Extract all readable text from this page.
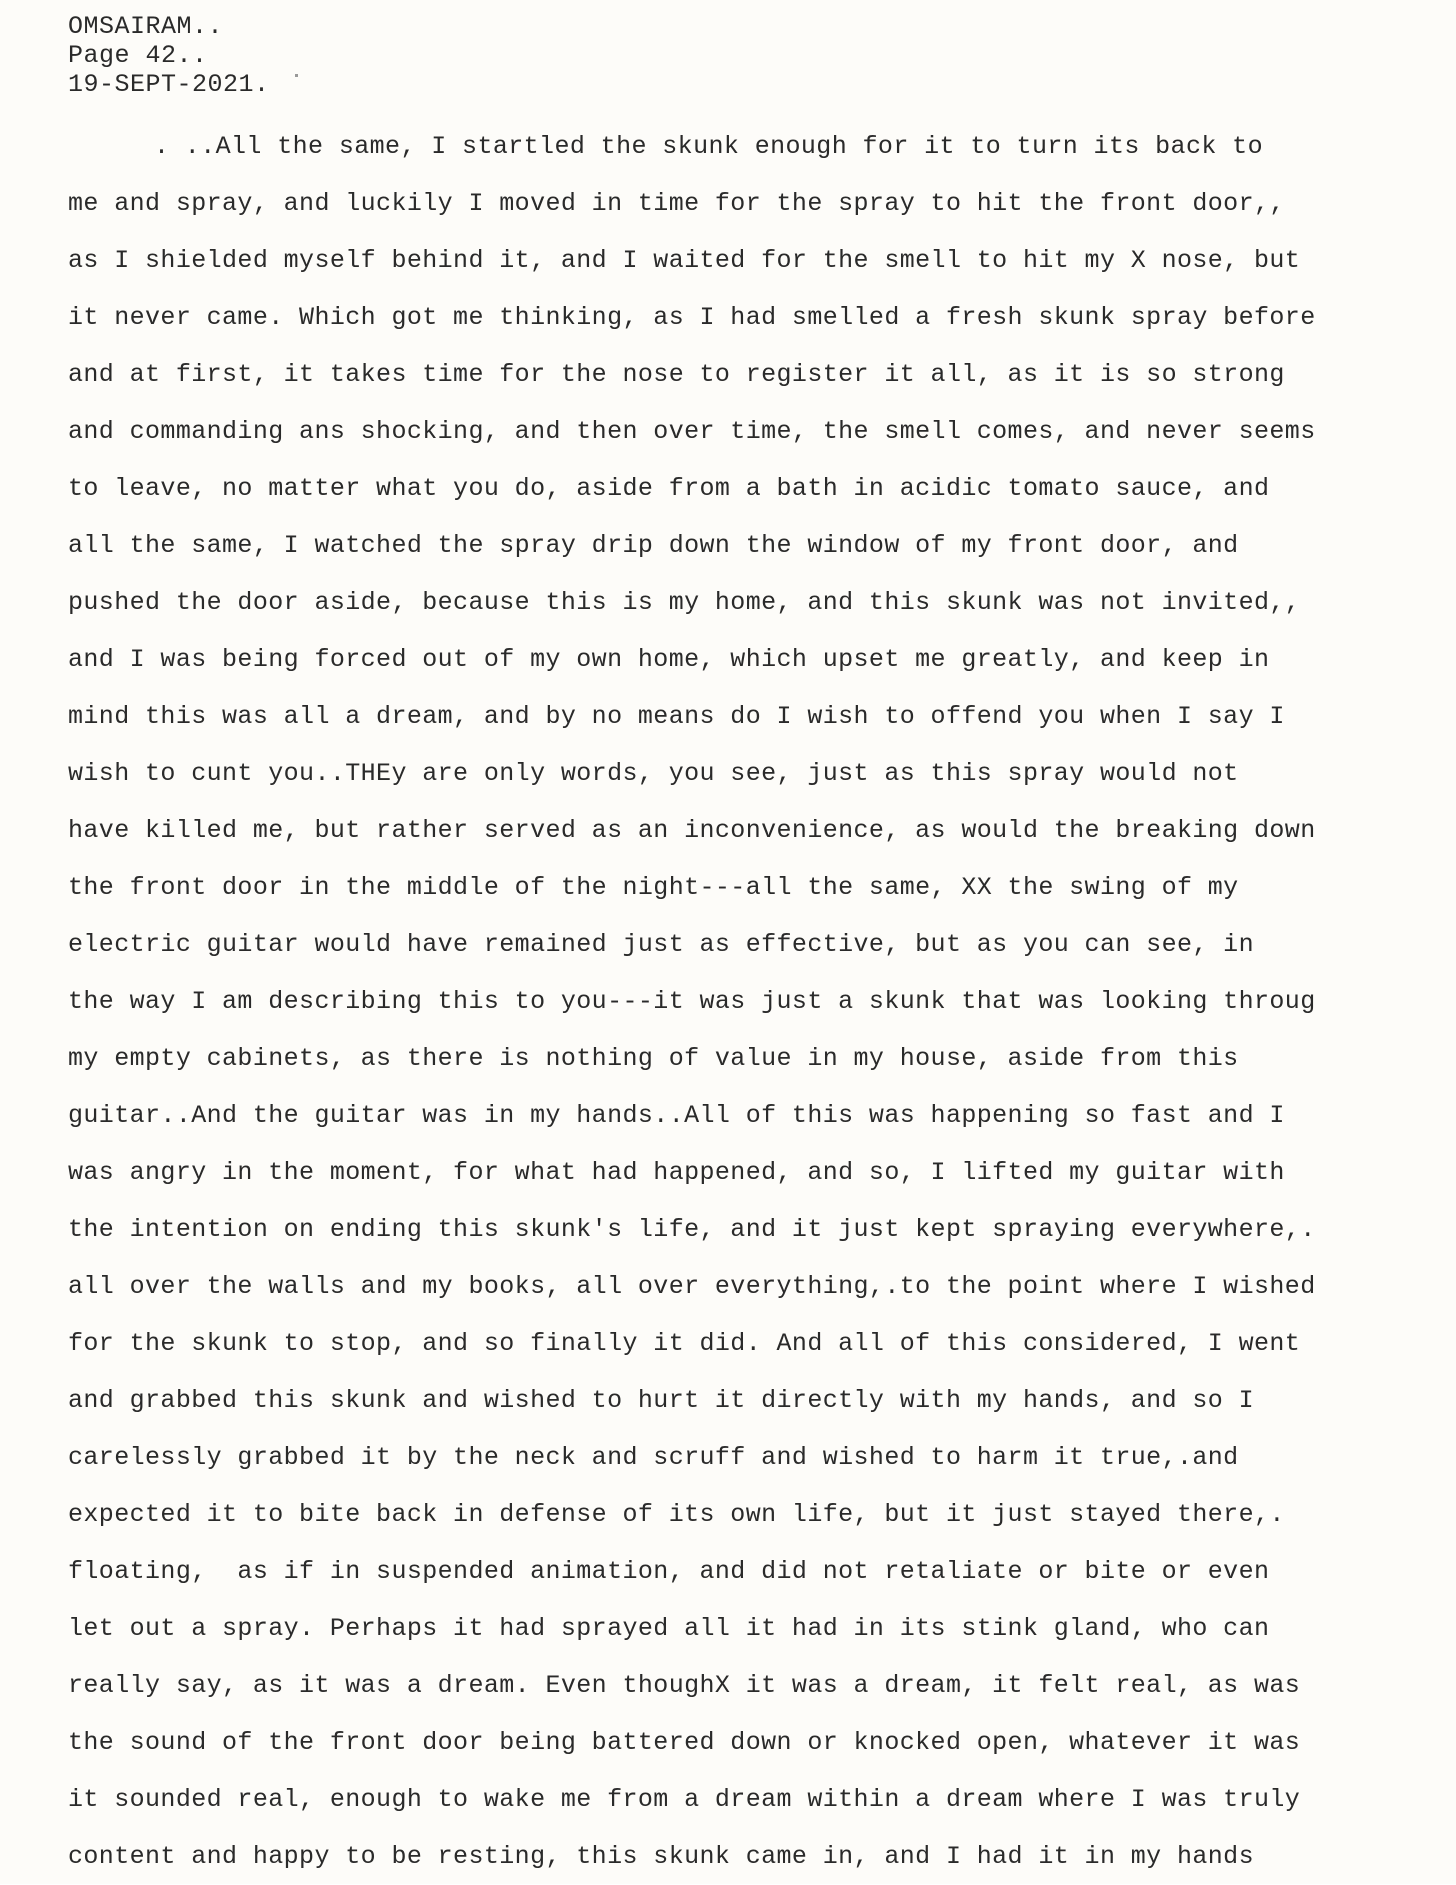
OMSAIRAM..
Page 42..
19-SEPT-2021.
. ..All the same, I startled the skunk enough for it to turn its back to
me and spray, and luckily I moved in time for the spray to hit the front door,,
as I shielded myself behind it, and I waited for the smell to hit my X nose, but
it never came. Which got me thinking, as I had smelled a fresh skunk spray before
and at first, it takes time for the nose to register it all, as it is so strong
and commanding ans shocking, and then over time, the smell comes, and never seems
to leave, no matter what you do, aside from a bath in acidic tomato sauce, and
all the same, I watched the spray drip down the window of my front door, and
pushed the door aside, because this is my home, and this skunk was not invited,,
and I was being forced out of my own home, which upset me greatly, and keep in
mind this was all a dream, and by no means do I wish to offend you when I say I
wish to cunt you..THEy are only words, you see, just as this spray would not
have killed me, but rather served as an inconvenience, as would the breaking down
the front door in the middle of the night---all the same, XX the swing of my
electric guitar would have remained just as effective, but as you can see, in
the way I am describing this to you---it was just a skunk that was looking throug
my empty cabinets, as there is nothing of value in my house, aside from this
guitar..And the guitar was in my hands..All of this was happening so fast and I
was angry in the moment, for what had happened, and so, I lifted my guitar with
the intention on ending this skunk's life, and it just kept spraying everywhere,.
all over the walls and my books, all over everything,.to the point where I wished
for the skunk to stop, and so finally it did. And all of this considered, I went
and grabbed this skunk and wished to hurt it directly with my hands, and so I
carelessly grabbed it by the neck and scruff and wished to harm it true,.and
expected it to bite back in defense of its own life, but it just stayed there,.
floating,  as if in suspended animation, and did not retaliate or bite or even
let out a spray. Perhaps it had sprayed all it had in its stink gland, who can
really say, as it was a dream. Even thoughX it was a dream, it felt real, as was
the sound of the front door being battered down or knocked open, whatever it was
it sounded real, enough to wake me from a dream within a dream where I was truly
content and happy to be resting, this skunk came in, and I had it in my hands
